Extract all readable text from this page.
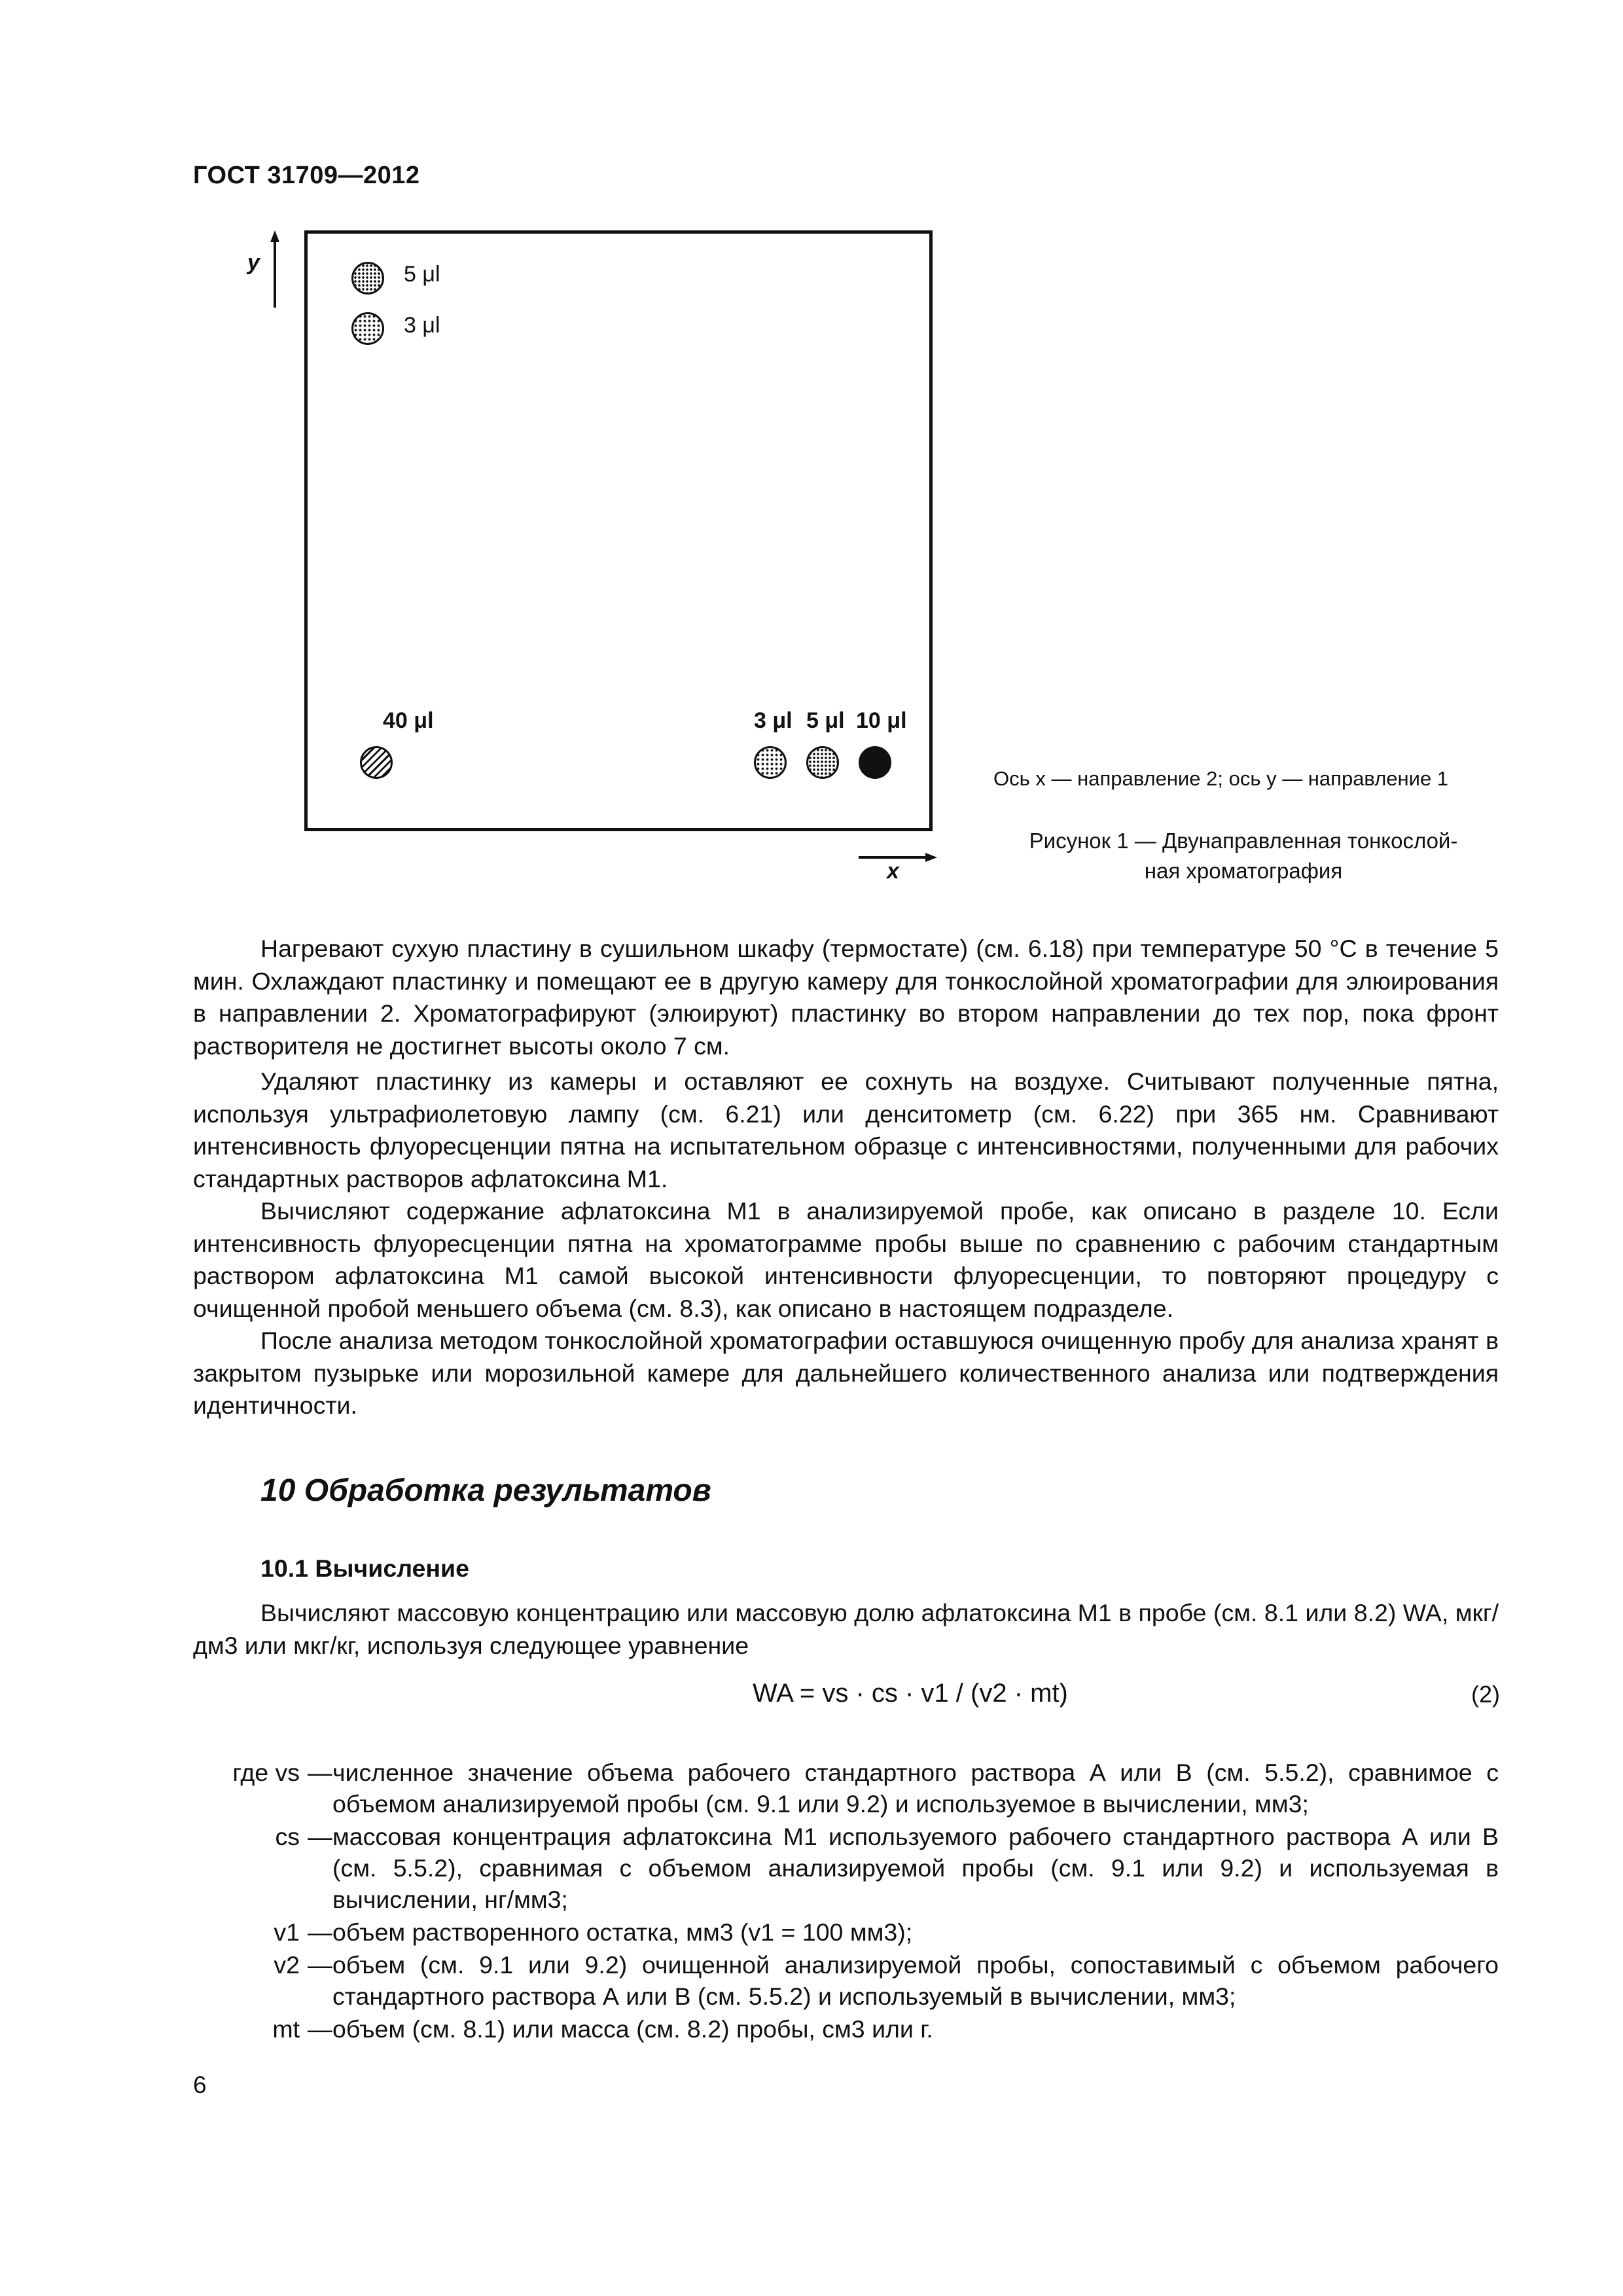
ГОСТ 31709—2012
y	5 μl
3 μl
40 μl	3 μl 5 μl 10 μl
x
Ось x — направление 2; ось y — направление 1
Рисунок 1 — Двунаправленная тонкослой-
ная хроматография
Нагревают сухую пластину в сушильном шкафу (термостате) (см. 6.18) при температуре 50 °С в течение 5 мин. Охлаждают пластинку и помещают ее в другую камеру для тонкослойной хроматографии для элюирования в направлении 2. Хроматографируют (элюируют) пластинку во втором направлении до тех пор, пока фронт растворителя не достигнет высоты около 7 см.
Удаляют пластинку из камеры и оставляют ее сохнуть на воздухе. Считывают полученные пятна, используя ультрафиолетовую лампу (см. 6.21) или денситометр (см. 6.22) при 365 нм. Сравнивают интенсивность флуоресценции пятна на испытательном образце с интенсивностями, полученными для рабочих стандартных растворов афлатоксина М1.
Вычисляют содержание афлатоксина М1 в анализируемой пробе, как описано в разделе 10. Если интенсивность флуоресценции пятна на хроматограмме пробы выше по сравнению с рабочим стандартным раствором афлатоксина М1 самой высокой интенсивности флуоресценции, то повторяют процедуру с очищенной пробой меньшего объема (см. 8.3), как описано в настоящем подразделе.
После анализа методом тонкослойной хроматографии оставшуюся очищенную пробу для анализа хранят в закрытом пузырьке или морозильной камере для дальнейшего количественного анализа или подтверждения идентичности.
10 Обработка результатов
10.1 Вычисление
Вычисляют массовую концентрацию или массовую долю афлатоксина М1 в пробе (см. 8.1 или 8.2) WA, мкг/дм3 или мкг/кг, используя следующее уравнение
WA = vs · cs · v1 / (v2 · mt)	(2)
где vs — численное значение объема рабочего стандартного раствора А или В (см. 5.5.2), сравнимое с объемом анализируемой пробы (см. 9.1 или 9.2) и используемое в вычислении, мм3;
cs — массовая концентрация афлатоксина М1 используемого рабочего стандартного раствора А или В (см. 5.5.2), сравнимая с объемом анализируемой пробы (см. 9.1 или 9.2) и используемая в вычислении, нг/мм3;
v1 — объем растворенного остатка, мм3 (v1 = 100 мм3);
v2 — объем (см. 9.1 или 9.2) очищенной анализируемой пробы, сопоставимый с объемом рабочего стандартного раствора А или В (см. 5.5.2) и используемый в вычислении, мм3;
mt — объем (см. 8.1) или масса (см. 8.2) пробы, см3 или г.
6
